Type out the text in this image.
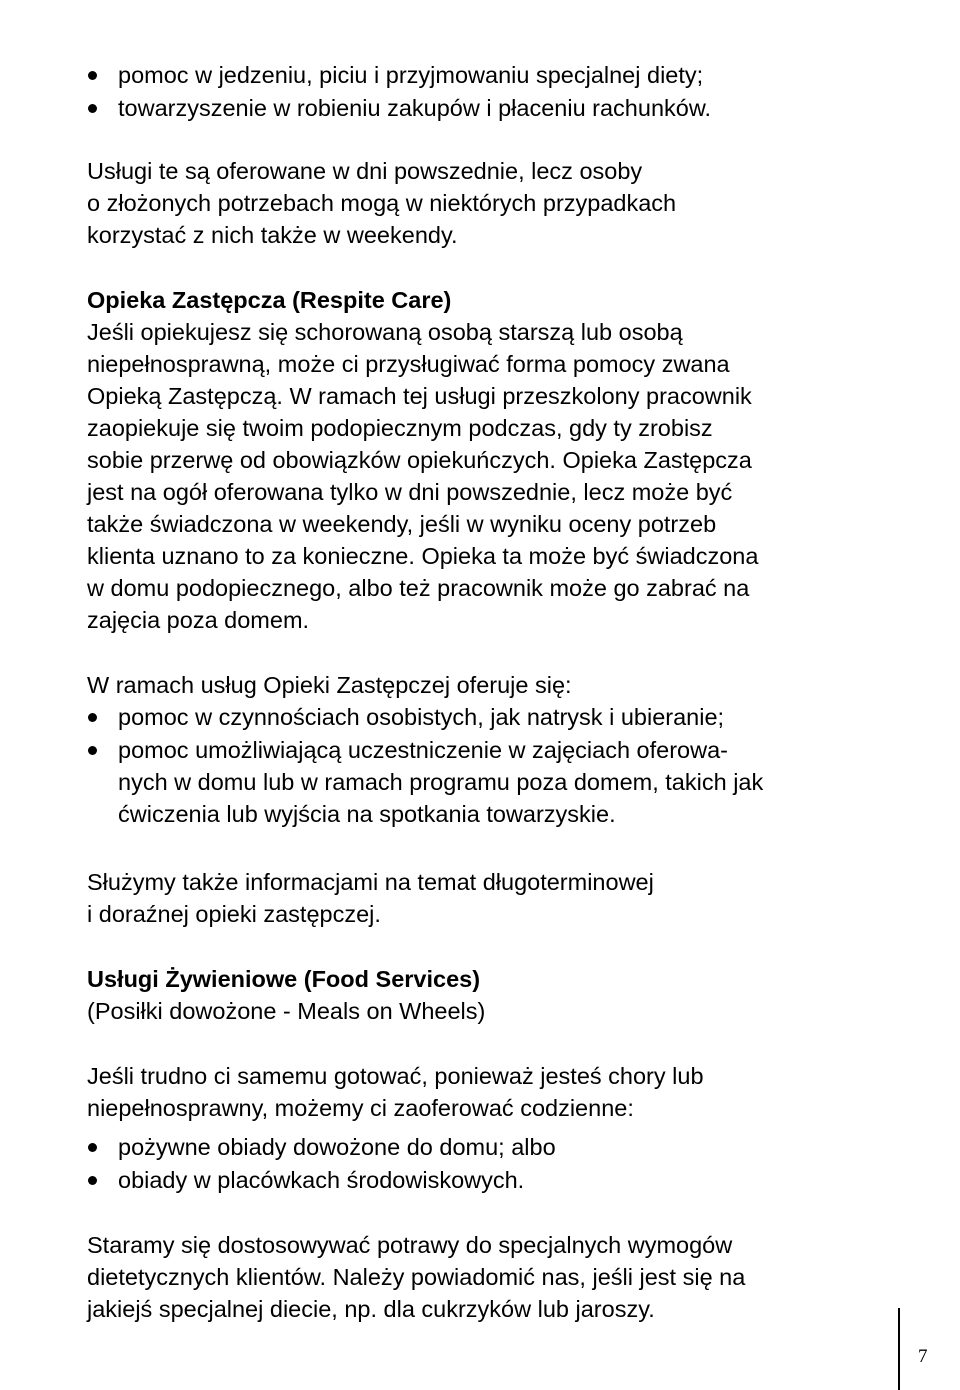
pomoc w jedzeniu, piciu i przyjmowaniu specjalnej diety;
towarzyszenie w robieniu zakupów i płaceniu rachunków.
Usługi te są oferowane w dni powszednie, lecz osoby
o złożonych potrzebach mogą w niektórych przypadkach
korzystać z nich także w weekendy.
Opieka Zastępcza (Respite Care)
Jeśli opiekujesz się schorowaną osobą starszą lub osobą
niepełnosprawną, może ci przysługiwać forma pomocy zwana
Opieką Zastępczą. W ramach tej usługi przeszkolony pracownik
zaopiekuje się twoim podopiecznym podczas, gdy ty zrobisz
sobie przerwę od obowiązków opiekuńczych. Opieka Zastępcza
jest na ogół oferowana tylko w dni powszednie, lecz może być
także świadczona w weekendy, jeśli w wyniku oceny potrzeb
klienta uznano to za konieczne. Opieka ta może być świadczona
w domu podopiecznego, albo też pracownik może go zabrać na
zajęcia poza domem.
W ramach usług Opieki Zastępczej oferuje się:
pomoc w czynnościach osobistych, jak natrysk i ubieranie;
pomoc umożliwiającą uczestniczenie w zajęciach oferowa-
nych w domu lub w ramach programu poza domem, takich jak
ćwiczenia lub wyjścia na spotkania towarzyskie.
Służymy także informacjami na temat długoterminowej
i doraźnej opieki zastępczej.
Usługi Żywieniowe (Food Services)
(Posiłki dowożone - Meals on Wheels)
Jeśli trudno ci samemu gotować, ponieważ jesteś chory lub
niepełnosprawny, możemy ci zaoferować codzienne:
pożywne obiady dowożone do domu; albo
obiady w placówkach środowiskowych.
Staramy się dostosowywać potrawy do specjalnych wymogów
dietetycznych klientów. Należy powiadomić nas, jeśli jest się na
jakiejś specjalnej diecie, np. dla cukrzyków lub jaroszy.
7
